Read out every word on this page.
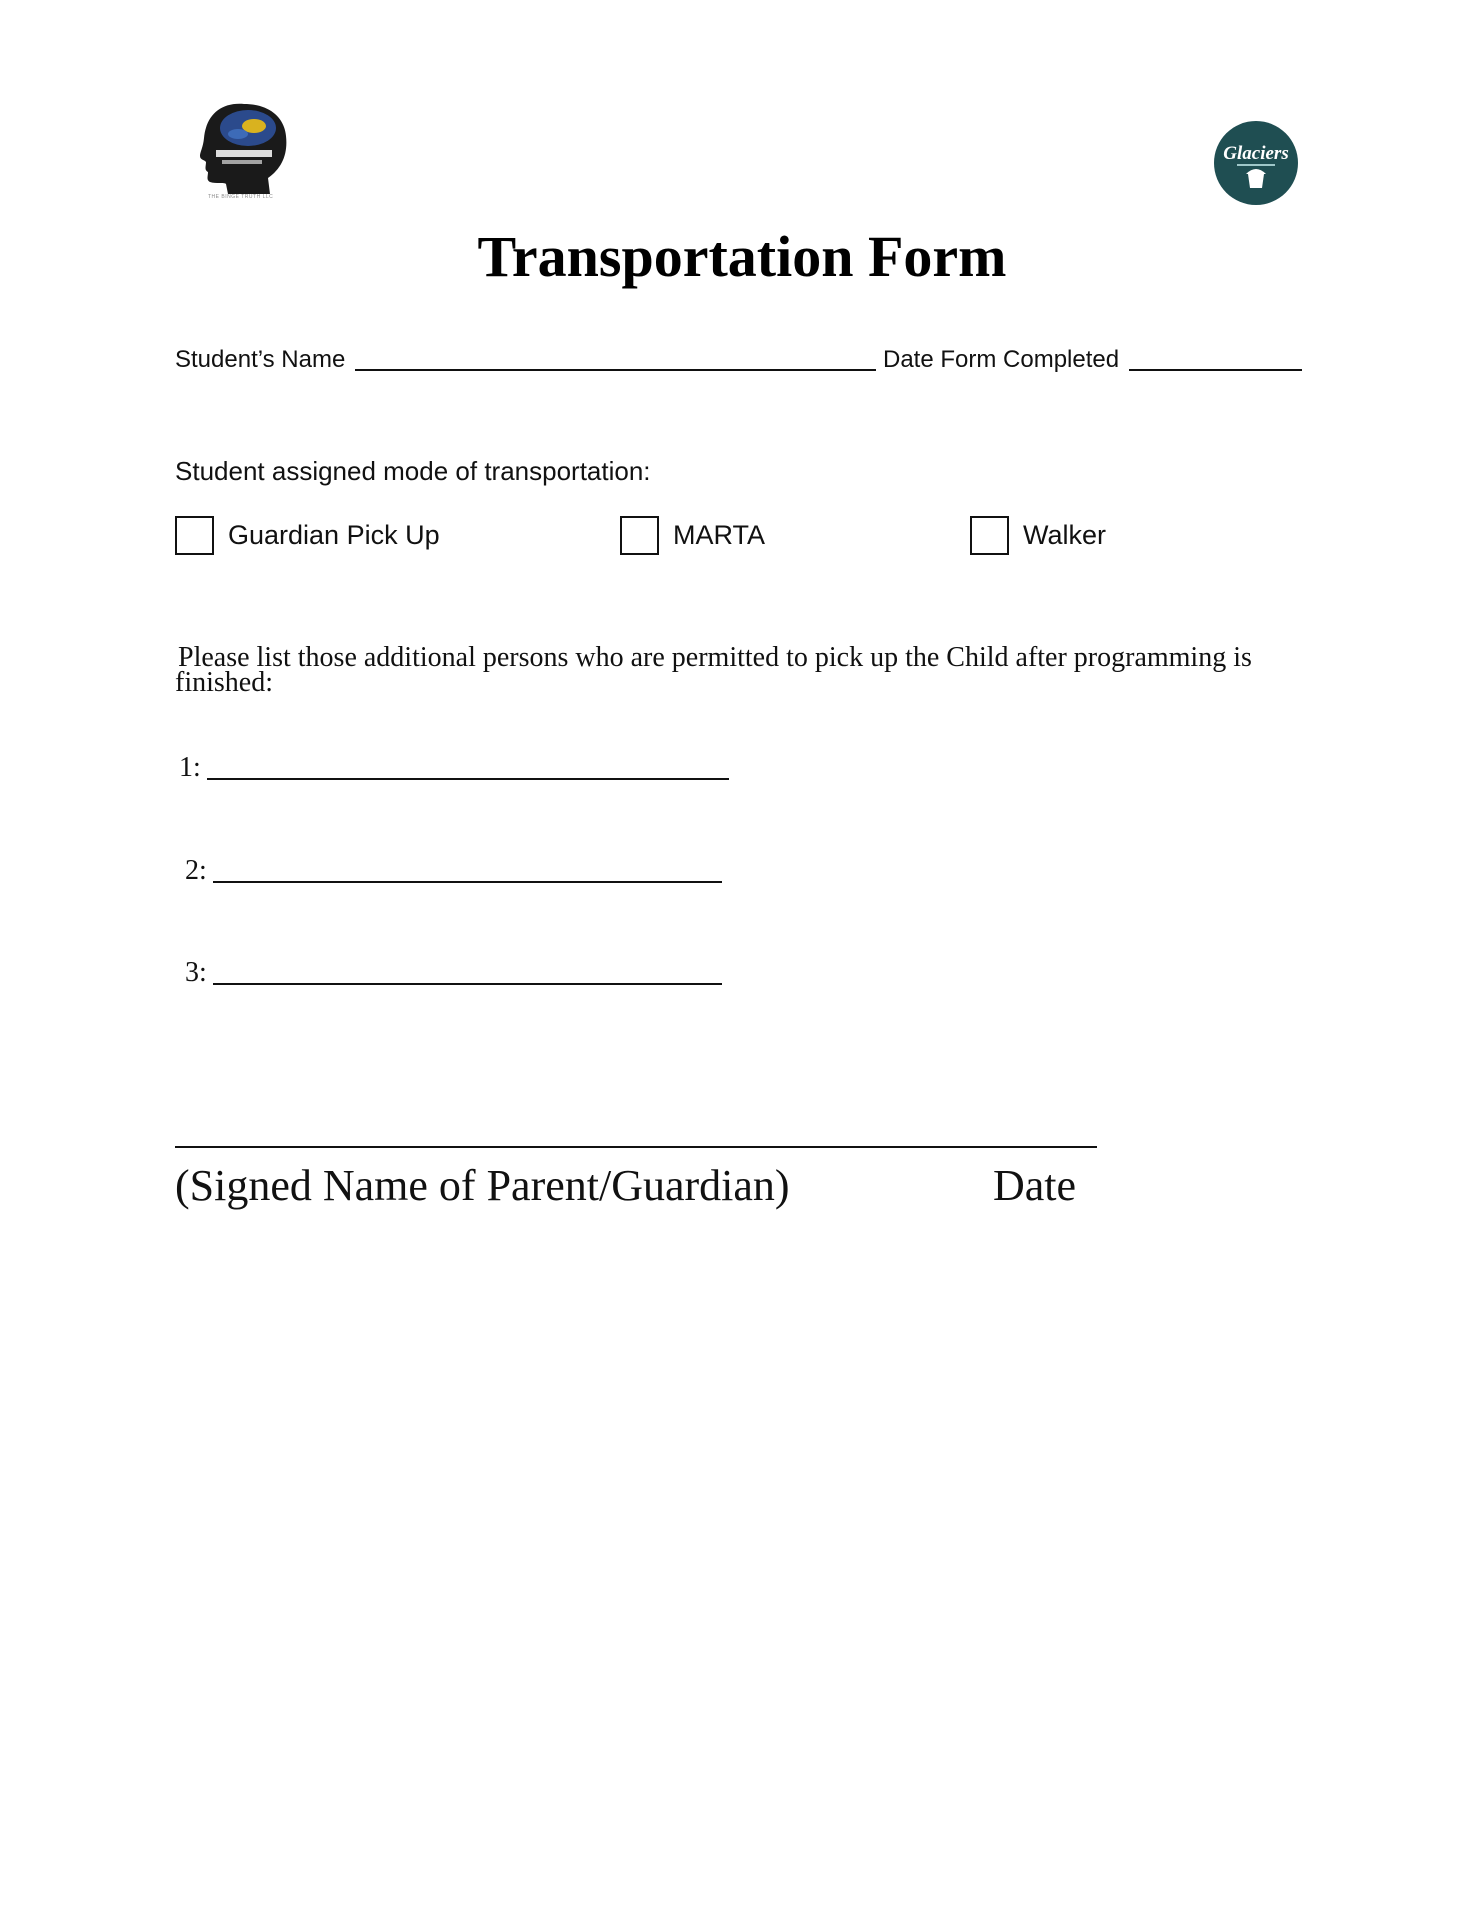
THE BINGE TRUTH LLC
Glaciers
Transportation Form
Student’s Name	Date Form Completed
Student assigned mode of transportation:
Guardian Pick Up	MARTA	Walker
Please list those additional persons who are permitted to pick up the Child after programming is finished:
1:
2:
3:
(Signed Name of Parent/Guardian)	Date
